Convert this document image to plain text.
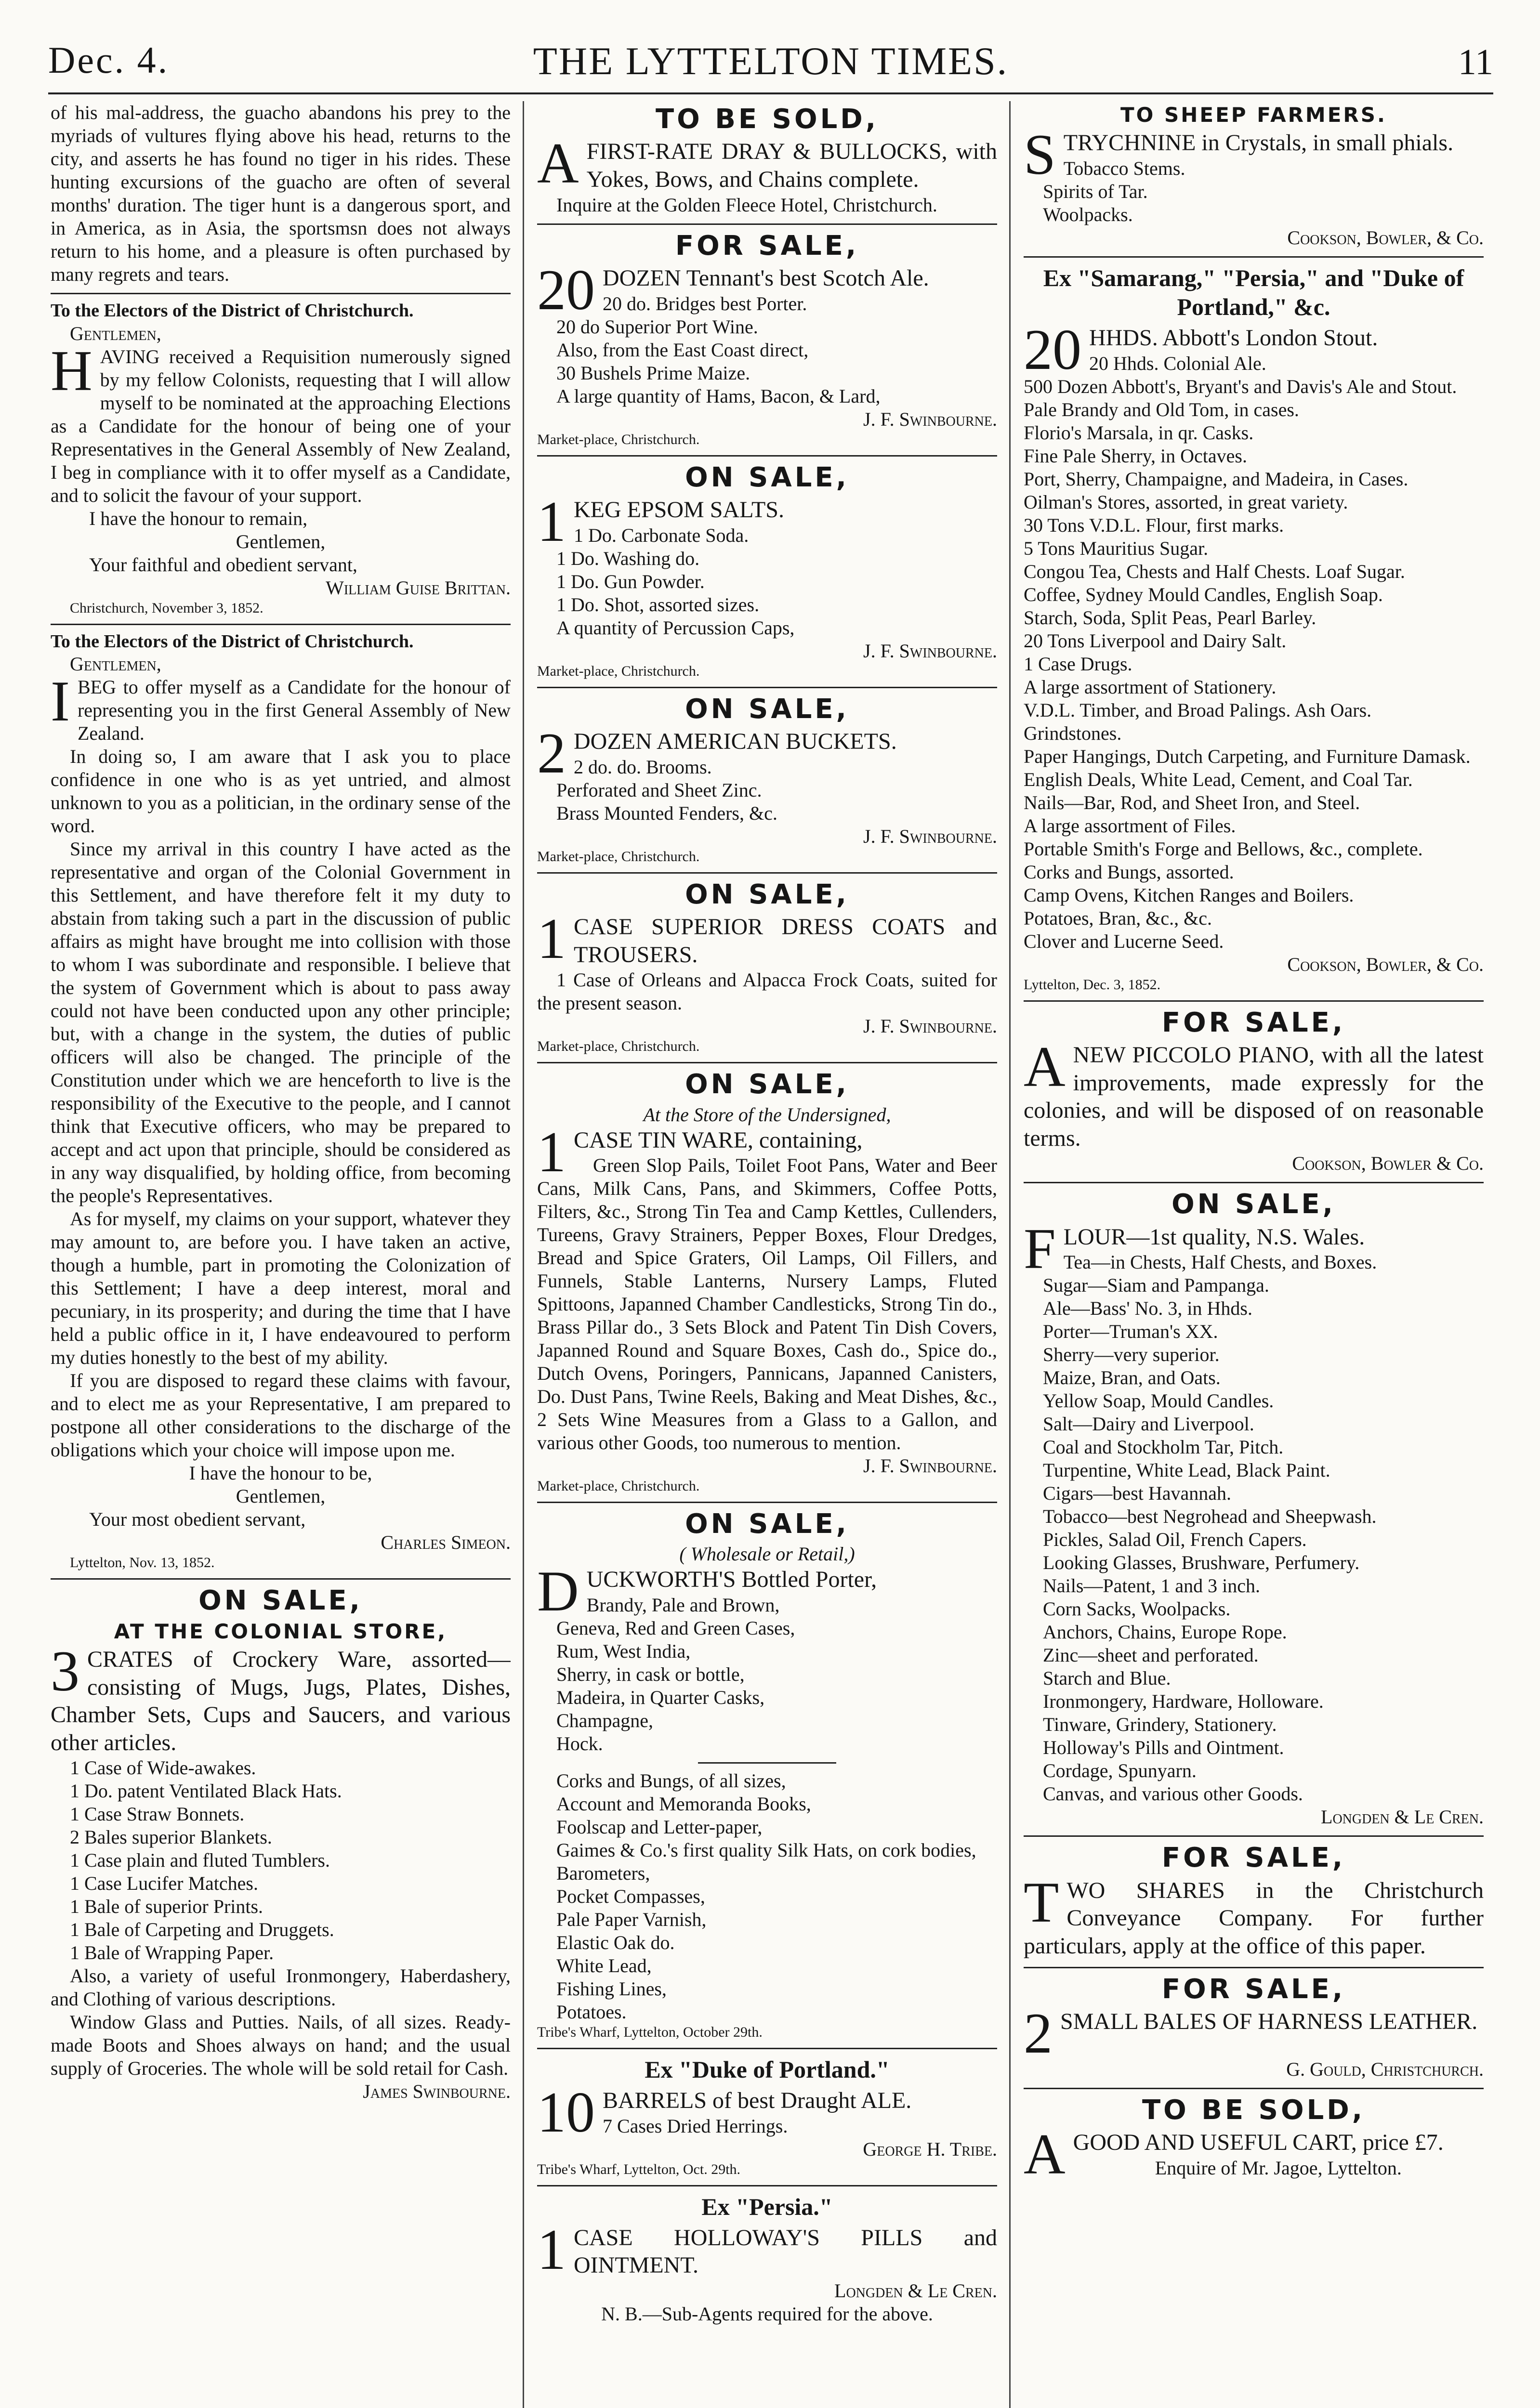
Dec. 4.	THE LYTTELTON TIMES.	11

of his mal-address, the guacho abandons his prey to the myriads of vultures flying above his head, returns to the city, and asserts he has found no tiger in his rides. These hunting excursions of the guacho are often of several months' duration. The tiger hunt is a dangerous sport, and in America, as in Asia, the sportsmsn does not always return to his home, and a pleasure is often purchased by many regrets and tears.

To the Electors of the District of Christchurch.

Gentlemen,

HAVING received a Requisition numerously signed by my fellow Colonists, requesting that I will allow myself to be nominated at the approaching Elections as a Candidate for the honour of being one of your Representatives in the General Assembly of New Zealand, I beg in compliance with it to offer myself as a Candidate, and to solicit the favour of your support.

I have the honour to remain,

Gentlemen,

Your faithful and obedient servant,

William Guise Brittan.

Christchurch, November 3, 1852.

To the Electors of the District of Christchurch.

Gentlemen,

IBEG to offer myself as a Candidate for the honour of representing you in the first General Assembly of New Zealand.

In doing so, I am aware that I ask you to place confidence in one who is as yet untried, and almost unknown to you as a politician, in the ordinary sense of the word.

Since my arrival in this country I have acted as the representative and organ of the Colonial Government in this Settlement, and have therefore felt it my duty to abstain from taking such a part in the discussion of public affairs as might have brought me into collision with those to whom I was subordinate and responsible. I believe that the system of Government which is about to pass away could not have been conducted upon any other principle; but, with a change in the system, the duties of public officers will also be changed. The principle of the Constitution under which we are henceforth to live is the responsibility of the Executive to the people, and I cannot think that Executive officers, who may be prepared to accept and act upon that principle, should be considered as in any way disqualified, by holding office, from becoming the people's Representatives.

As for myself, my claims on your support, whatever they may amount to, are before you. I have taken an active, though a humble, part in promoting the Colonization of this Settlement; I have a deep interest, moral and pecuniary, in its prosperity; and during the time that I have held a public office in it, I have endeavoured to perform my duties honestly to the best of my ability.

If you are disposed to regard these claims with favour, and to elect me as your Representative, I am prepared to postpone all other considerations to the discharge of the obligations which your choice will impose upon me.

I have the honour to be,

Gentlemen,

Your most obedient servant,

Charles Simeon.

Lyttelton, Nov. 13, 1852.

ON SALE,
AT THE COLONIAL STORE,

3 CRATES of Crockery Ware, assorted—consisting of Mugs, Jugs, Plates, Dishes, Chamber Sets, Cups and Saucers, and various other articles.

1 Case of Wide-awakes.
1 Do. patent Ventilated Black Hats.
1 Case Straw Bonnets.
2 Bales superior Blankets.
1 Case plain and fluted Tumblers.
1 Case Lucifer Matches.
1 Bale of superior Prints.
1 Bale of Carpeting and Druggets.
1 Bale of Wrapping Paper.

Also, a variety of useful Ironmongery, Haberdashery, and Clothing of various descriptions.

Window Glass and Putties. Nails, of all sizes. Ready-made Boots and Shoes always on hand; and the usual supply of Groceries. The whole will be sold retail for Cash.

James Swinbourne.

TO BE SOLD,

AFIRST-RATE DRAY & BULLOCKS, with Yokes, Bows, and Chains complete.

Inquire at the Golden Fleece Hotel, Christchurch.

FOR SALE,

20 DOZEN Tennant's best Scotch Ale.

20 do. Bridges best Porter.
20 do Superior Port Wine.
Also, from the East Coast direct,
30 Bushels Prime Maize.
A large quantity of Hams, Bacon, & Lard,

J. F. Swinbourne.

Market-place, Christchurch.

ON SALE,

1 KEG EPSOM SALTS.

1 Do. Carbonate Soda.
1 Do. Washing do.
1 Do. Gun Powder.
1 Do. Shot, assorted sizes.
A quantity of Percussion Caps,

J. F. Swinbourne.

Market-place, Christchurch.

ON SALE,

2 DOZEN AMERICAN BUCKETS.

2 do. do. Brooms.
Perforated and Sheet Zinc.
Brass Mounted Fenders, &c.

J. F. Swinbourne.

Market-place, Christchurch.

ON SALE,

1 CASE SUPERIOR DRESS COATS and TROUSERS.

1 Case of Orleans and Alpacca Frock Coats, suited for the present season.

J. F. Swinbourne.

Market-place, Christchurch.

ON SALE,
At the Store of the Undersigned,

1 CASE TIN WARE, containing,

Green Slop Pails, Toilet Foot Pans, Water and Beer Cans, Milk Cans, Pans, and Skimmers, Coffee Potts, Filters, &c., Strong Tin Tea and Camp Kettles, Cullenders, Tureens, Gravy Strainers, Pepper Boxes, Flour Dredges, Bread and Spice Graters, Oil Lamps, Oil Fillers, and Funnels, Stable Lanterns, Nursery Lamps, Fluted Spittoons, Japanned Chamber Candlesticks, Strong Tin do., Brass Pillar do., 3 Sets Block and Patent Tin Dish Covers, Japanned Round and Square Boxes, Cash do., Spice do., Dutch Ovens, Poringers, Pannicans, Japanned Canisters, Do. Dust Pans, Twine Reels, Baking and Meat Dishes, &c., 2 Sets Wine Measures from a Glass to a Gallon, and various other Goods, too numerous to mention.

J. F. Swinbourne.

Market-place, Christchurch.

ON SALE,
( Wholesale or Retail,)

DUCKWORTH'S Bottled Porter,

Brandy, Pale and Brown,
Geneva, Red and Green Cases,
Rum, West India,
Sherry, in cask or bottle,
Madeira, in Quarter Casks,
Champagne,
Hock.
Corks and Bungs, of all sizes,
Account and Memoranda Books,
Foolscap and Letter-paper,
Gaimes & Co.'s first quality Silk Hats, on cork bodies,
Barometers,
Pocket Compasses,
Pale Paper Varnish,
Elastic Oak do.
White Lead,
Fishing Lines,
Potatoes.

Tribe's Wharf, Lyttelton, October 29th.

Ex "Duke of Portland."

10 BARRELS of best Draught ALE.

7 Cases Dried Herrings.

George H. Tribe.

Tribe's Wharf, Lyttelton, Oct. 29th.

Ex "Persia."

1 CASE HOLLOWAY'S PILLS and OINTMENT.

Longden & Le Cren.

N. B.—Sub-Agents required for the above.

TO SHEEP FARMERS.

STRYCHNINE in Crystals, in small phials.

Tobacco Stems.
Spirits of Tar.
Woolpacks.

Cookson, Bowler, & Co.

Ex "Samarang," "Persia," and "Duke of Portland," &c.

20 HHDS. Abbott's London Stout.
20 Hhds. Colonial Ale.

500 Dozen Abbott's, Bryant's and Davis's Ale and Stout.
Pale Brandy and Old Tom, in cases.
Florio's Marsala, in qr. Casks.
Fine Pale Sherry, in Octaves.
Port, Sherry, Champaigne, and Madeira, in Cases.
Oilman's Stores, assorted, in great variety.
30 Tons V.D.L. Flour, first marks.
5 Tons Mauritius Sugar.
Congou Tea, Chests and Half Chests. Loaf Sugar.
Coffee, Sydney Mould Candles, English Soap.
Starch, Soda, Split Peas, Pearl Barley.
20 Tons Liverpool and Dairy Salt.
1 Case Drugs.
A large assortment of Stationery.
V.D.L. Timber, and Broad Palings. Ash Oars.
Grindstones.
Paper Hangings, Dutch Carpeting, and Furniture Damask.
English Deals, White Lead, Cement, and Coal Tar.
Nails—Bar, Rod, and Sheet Iron, and Steel.
A large assortment of Files.
Portable Smith's Forge and Bellows, &c., complete.
Corks and Bungs, assorted.
Camp Ovens, Kitchen Ranges and Boilers.
Potatoes, Bran, &c., &c.
Clover and Lucerne Seed.

Cookson, Bowler, & Co.

Lyttelton, Dec. 3, 1852.

FOR SALE,

ANEW PICCOLO PIANO, with all the latest improvements, made expressly for the colonies, and will be disposed of on reasonable terms.

Cookson, Bowler & Co.

ON SALE,

FLOUR—1st quality, N.S. Wales.

Tea—in Chests, Half Chests, and Boxes.
Sugar—Siam and Pampanga.
Ale—Bass' No. 3, in Hhds.
Porter—Truman's XX.
Sherry—very superior.
Maize, Bran, and Oats.
Yellow Soap, Mould Candles.
Salt—Dairy and Liverpool.
Coal and Stockholm Tar, Pitch.
Turpentine, White Lead, Black Paint.
Cigars—best Havannah.
Tobacco—best Negrohead and Sheepwash.
Pickles, Salad Oil, French Capers.
Looking Glasses, Brushware, Perfumery.
Nails—Patent, 1 and 3 inch.
Corn Sacks, Woolpacks.
Anchors, Chains, Europe Rope.
Zinc—sheet and perforated.
Starch and Blue.
Ironmongery, Hardware, Holloware.
Tinware, Grindery, Stationery.
Holloway's Pills and Ointment.
Cordage, Spunyarn.
Canvas, and various other Goods.

Longden & Le Cren.

FOR SALE,

TWO SHARES in the Christchurch Conveyance Company. For further particulars, apply at the office of this paper.

FOR SALE,

2 SMALL BALES OF HARNESS LEATHER.

G. Gould, Christchurch.

TO BE SOLD,

AGOOD AND USEFUL CART, price £7.

Enquire of Mr. Jagoe, Lyttelton.
